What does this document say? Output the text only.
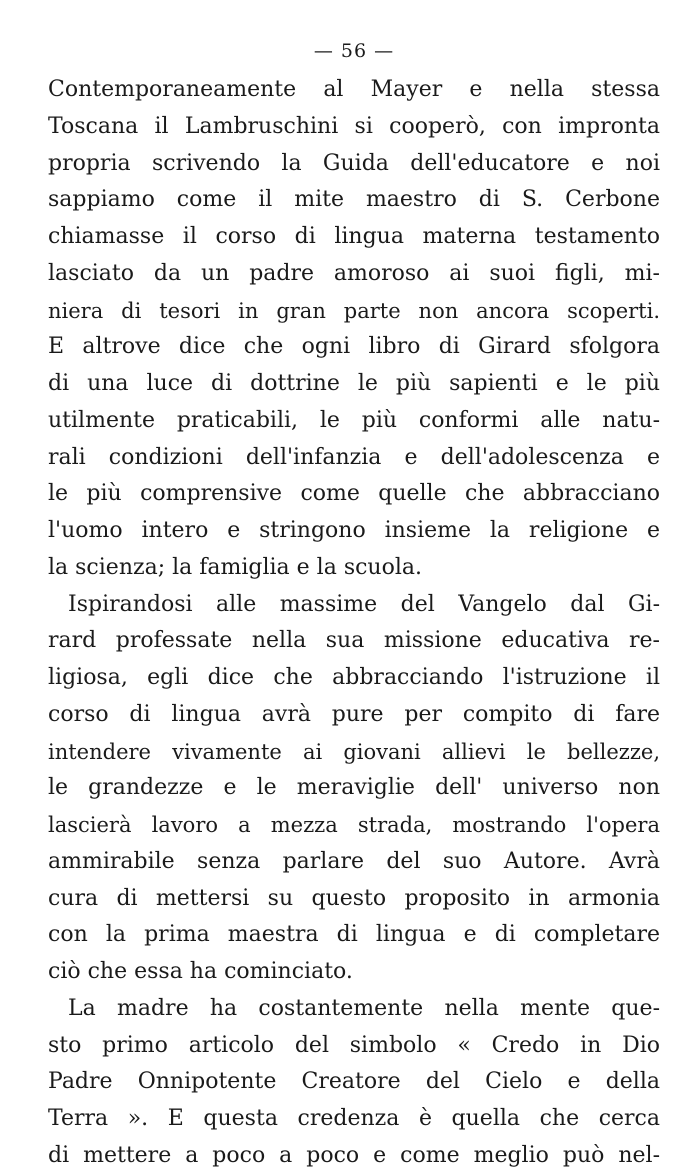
— 56 —
Contemporaneamente al Mayer e nella stessa
Toscana il Lambruschini si cooperò, con impronta
propria scrivendo la Guida dell'educatore e noi
sappiamo come il mite maestro di S. Cerbone
chiamasse il corso di lingua materna testamento
lasciato da un padre amoroso ai suoi figli, mi-
niera di tesori in gran parte non ancora scoperti.
E altrove dice che ogni libro di Girard sfolgora
di una luce di dottrine le più sapienti e le più
utilmente praticabili, le più conformi alle natu-
rali condizioni dell'infanzia e dell'adolescenza e
le più comprensive come quelle che abbracciano
l'uomo intero e stringono insieme la religione e
la scienza; la famiglia e la scuola.
Ispirandosi alle massime del Vangelo dal Gi-
rard professate nella sua missione educativa re-
ligiosa, egli dice che abbracciando l'istruzione il
corso di lingua avrà pure per compito di fare
intendere vivamente ai giovani allievi le bellezze,
le grandezze e le meraviglie dell' universo non
lascierà lavoro a mezza strada, mostrando l'opera
ammirabile senza parlare del suo Autore. Avrà
cura di mettersi su questo proposito in armonia
con la prima maestra di lingua e di completare
ciò che essa ha cominciato.
La madre ha costantemente nella mente que-
sto primo articolo del simbolo « Credo in Dio
Padre Onnipotente Creatore del Cielo e della
Terra ». E questa credenza è quella che cerca
di mettere a poco a poco e come meglio può nel-
